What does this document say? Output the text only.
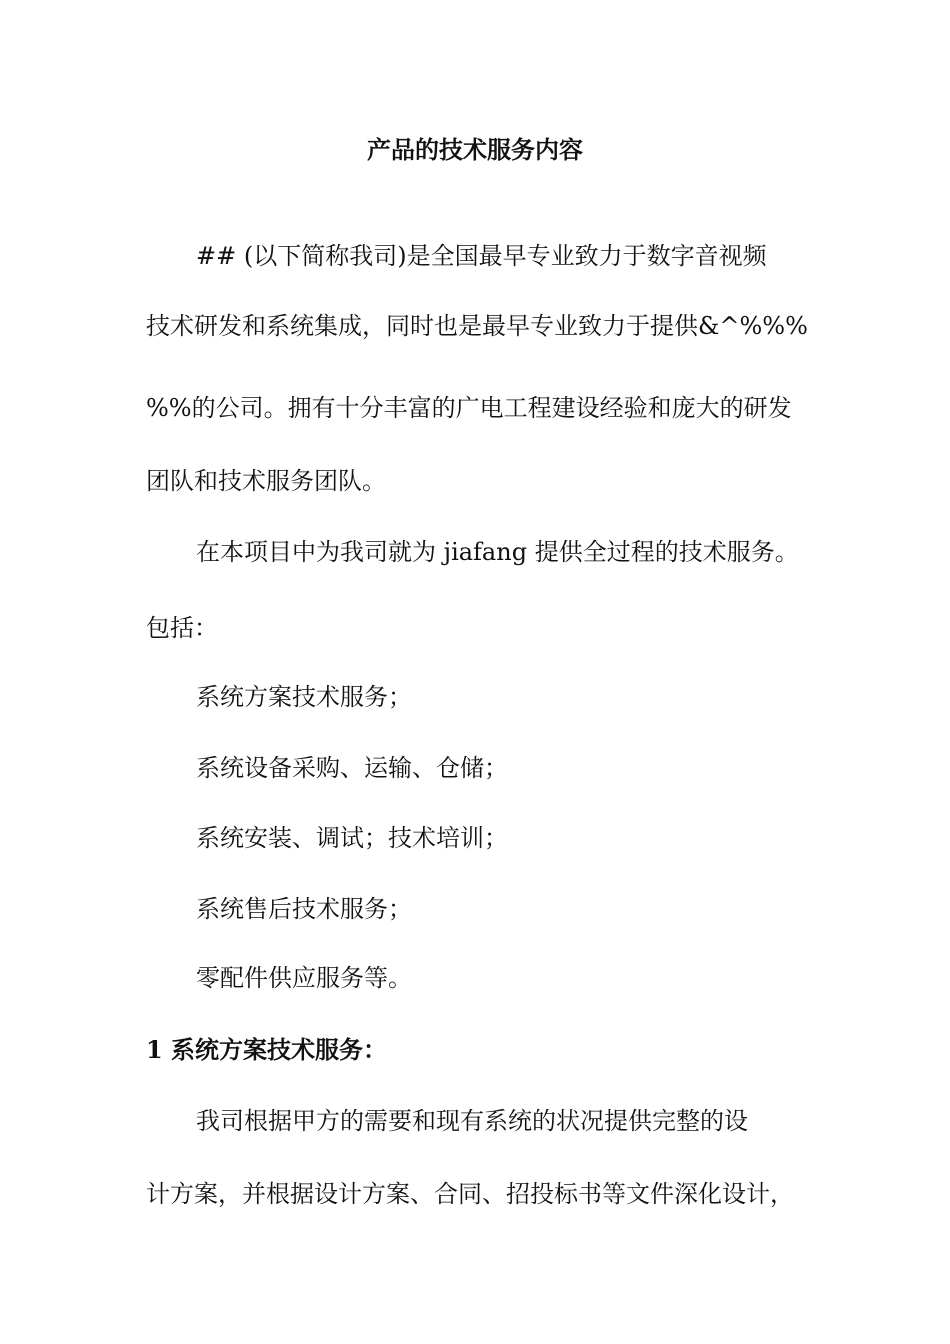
产品的技术服务内容
## (以下简称我司)是全国最早专业致力于数字音视频
技术研发和系统集成，同时也是最早专业致力于提供&^%%%
%%的公司。拥有十分丰富的广电工程建设经验和庞大的研发
团队和技术服务团队。
在本项目中为我司就为 jiafang 提供全过程的技术服务。
包括：
系统方案技术服务；
系统设备采购、运输、仓储；
系统安装、调试；技术培训；
系统售后技术服务；
零配件供应服务等。
1 系统方案技术服务：
我司根据甲方的需要和现有系统的状况提供完整的设
计方案，并根据设计方案、合同、招投标书等文件深化设计，
